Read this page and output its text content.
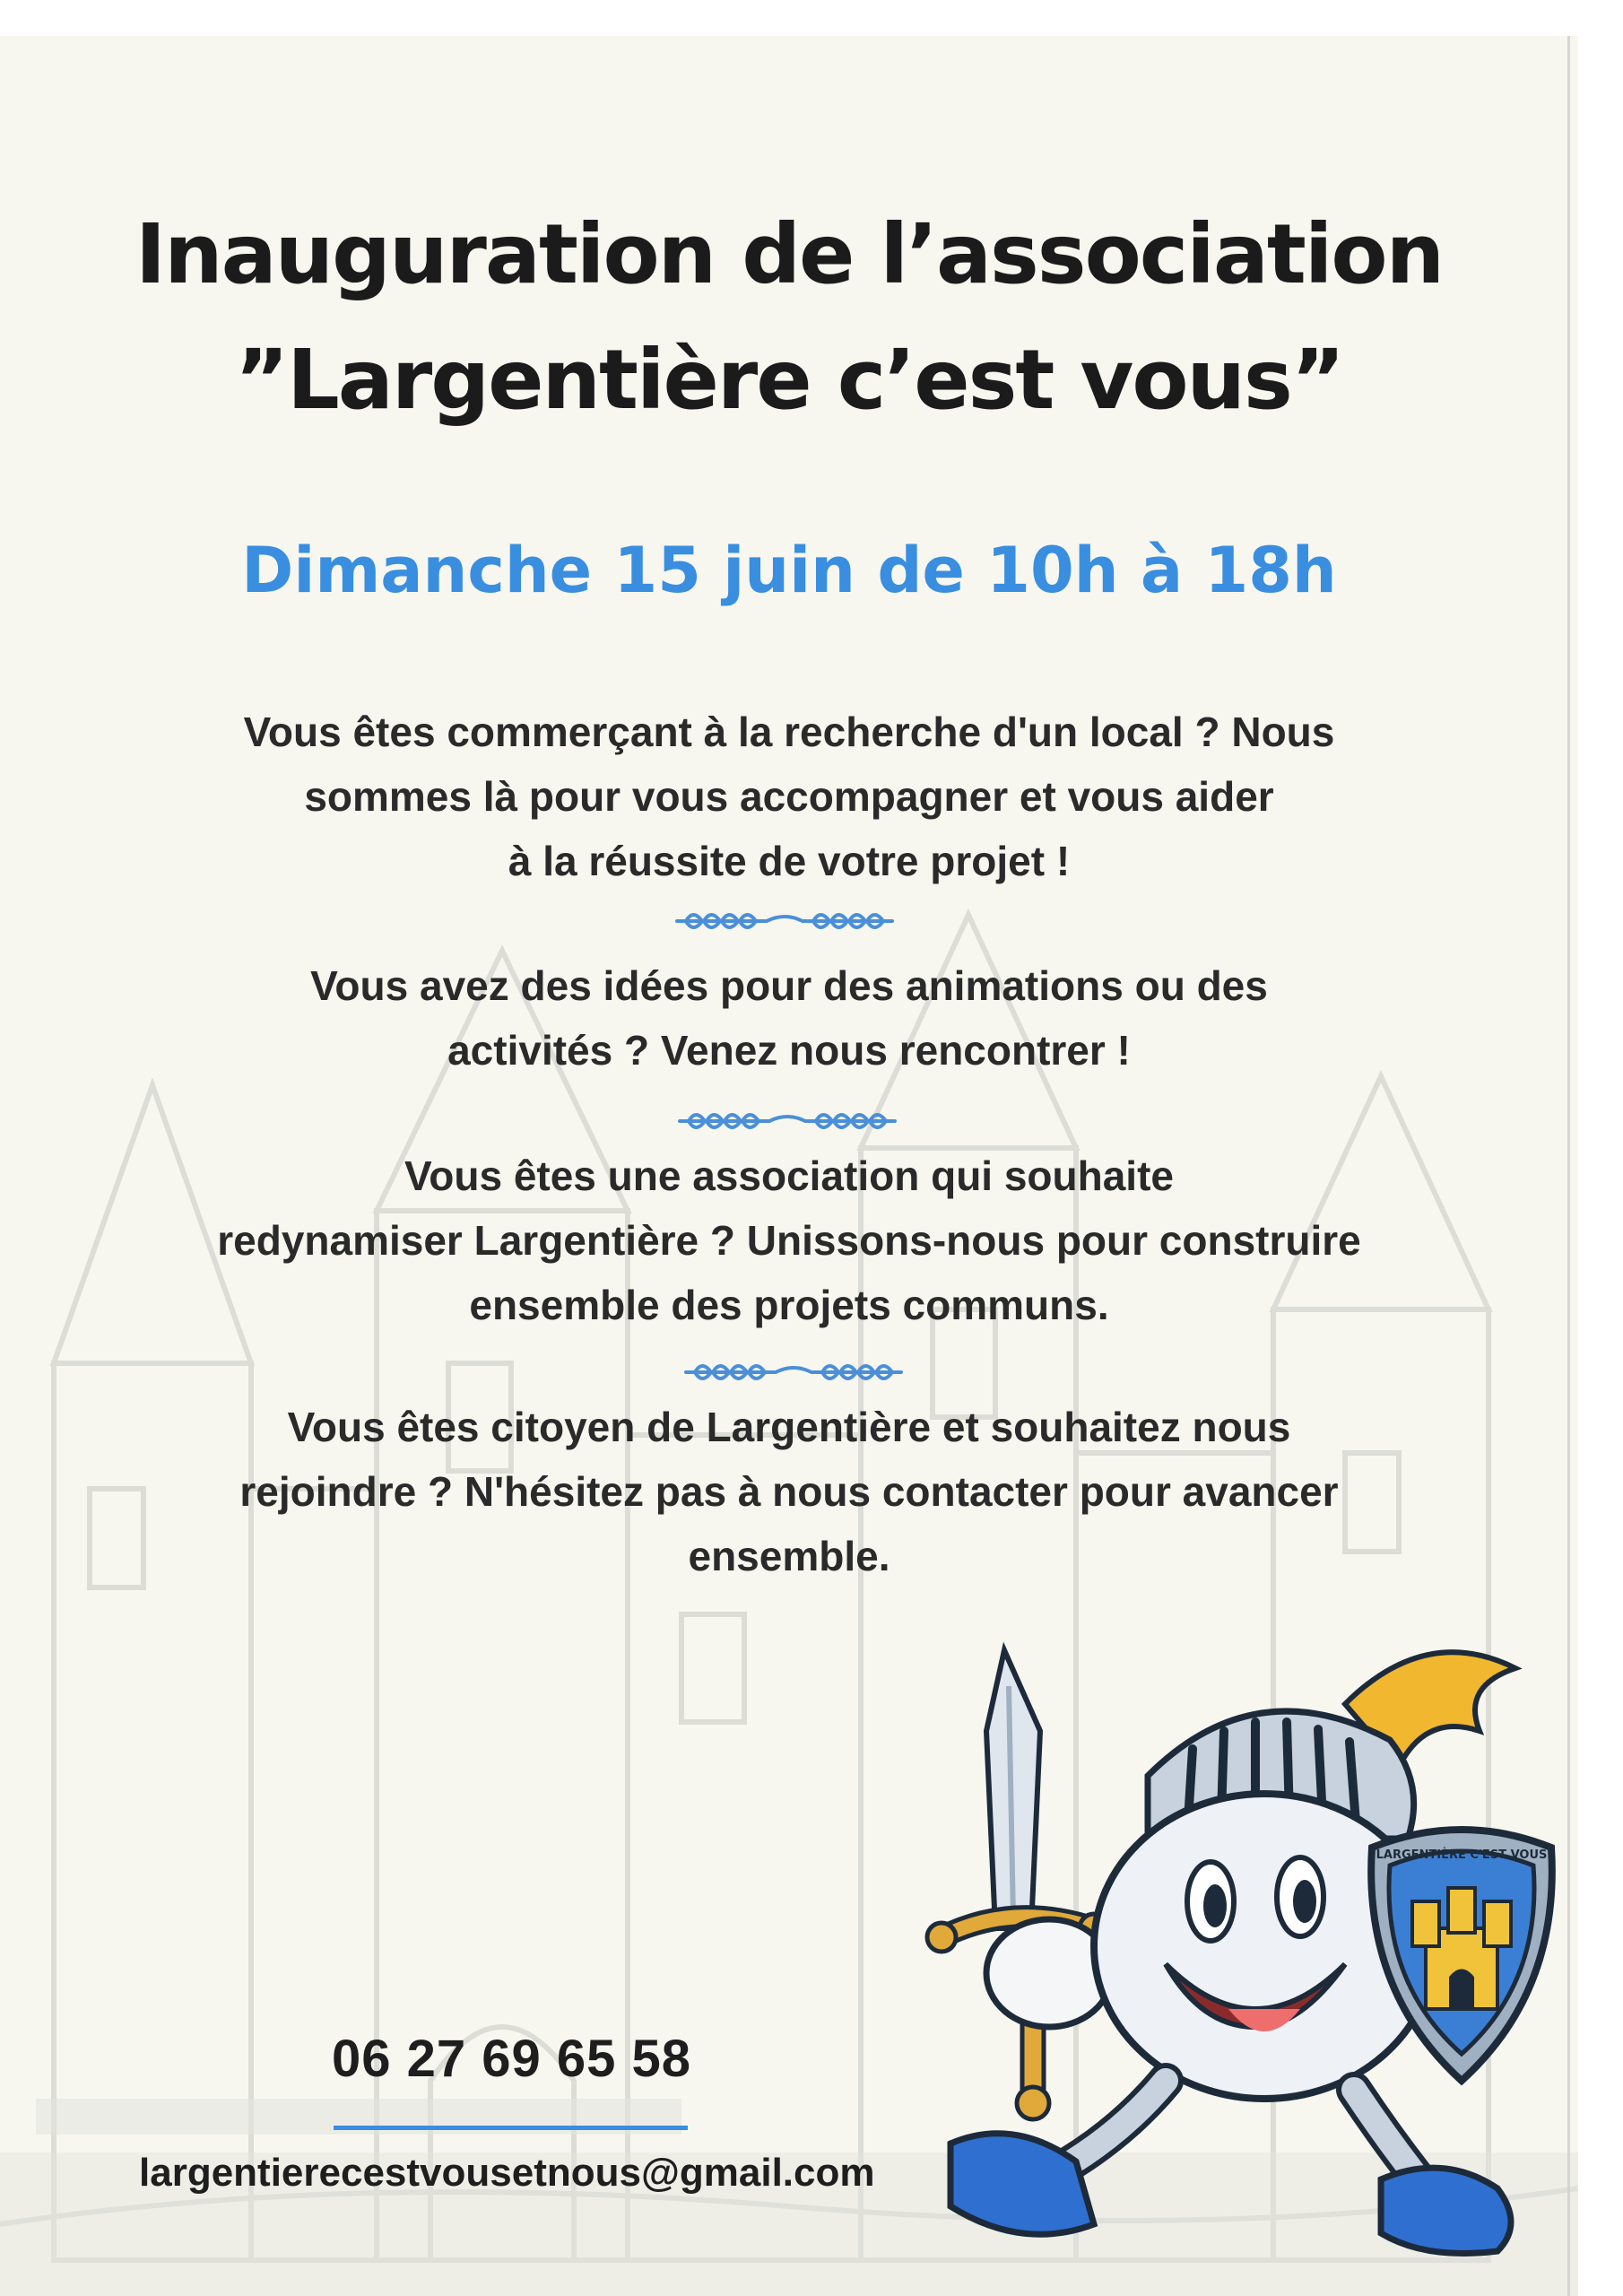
Inauguration de l’association
”Largentière c’est vous”
Dimanche 15 juin de 10h à 18h

Vous êtes commerçant à la recherche d'un local ? Nous
sommes là pour vous accompagner et vous aider
à la réussite de votre projet !

Vous avez des idées pour des animations ou des
activités ? Venez nous rencontrer !

Vous êtes une association qui souhaite
redynamiser Largentière ? Unissons-nous pour construire
ensemble des projets communs.

Vous êtes citoyen de Largentière et souhaitez nous
rejoindre ? N'hésitez pas à nous contacter pour avancer
ensemble.

06 27 69 65 58
largentierecestvousetnous@gmail.com
LARGENTIÈRE C'EST VOUS
